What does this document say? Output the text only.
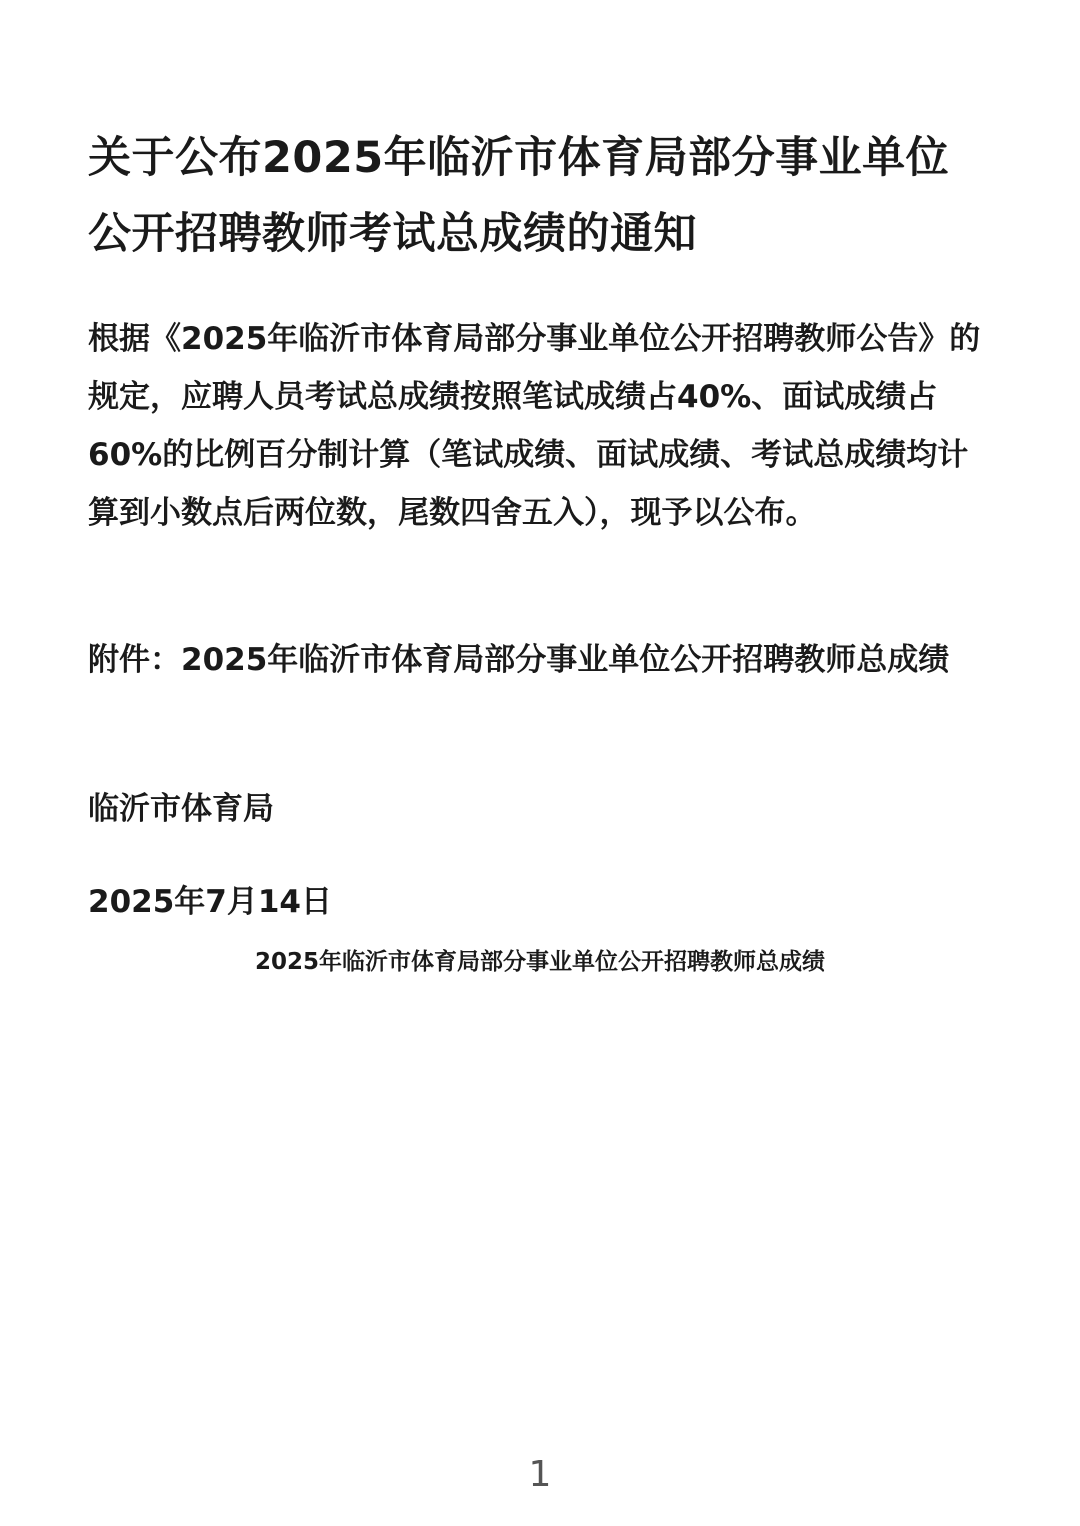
关于公布2025年临沂市体育局部分事业单位公开招聘教师考试总成绩的通知

根据《2025年临沂市体育局部分事业单位公开招聘教师公告》的规定，应聘人员考试总成绩按照笔试成绩占40%、面试成绩占60%的比例百分制计算（笔试成绩、面试成绩、考试总成绩均计算到小数点后两位数，尾数四舍五入），现予以公布。

附件：2025年临沂市体育局部分事业单位公开招聘教师总成绩

临沂市体育局

2025年7月14日

2025年临沂市体育局部分事业单位公开招聘教师总成绩

1
